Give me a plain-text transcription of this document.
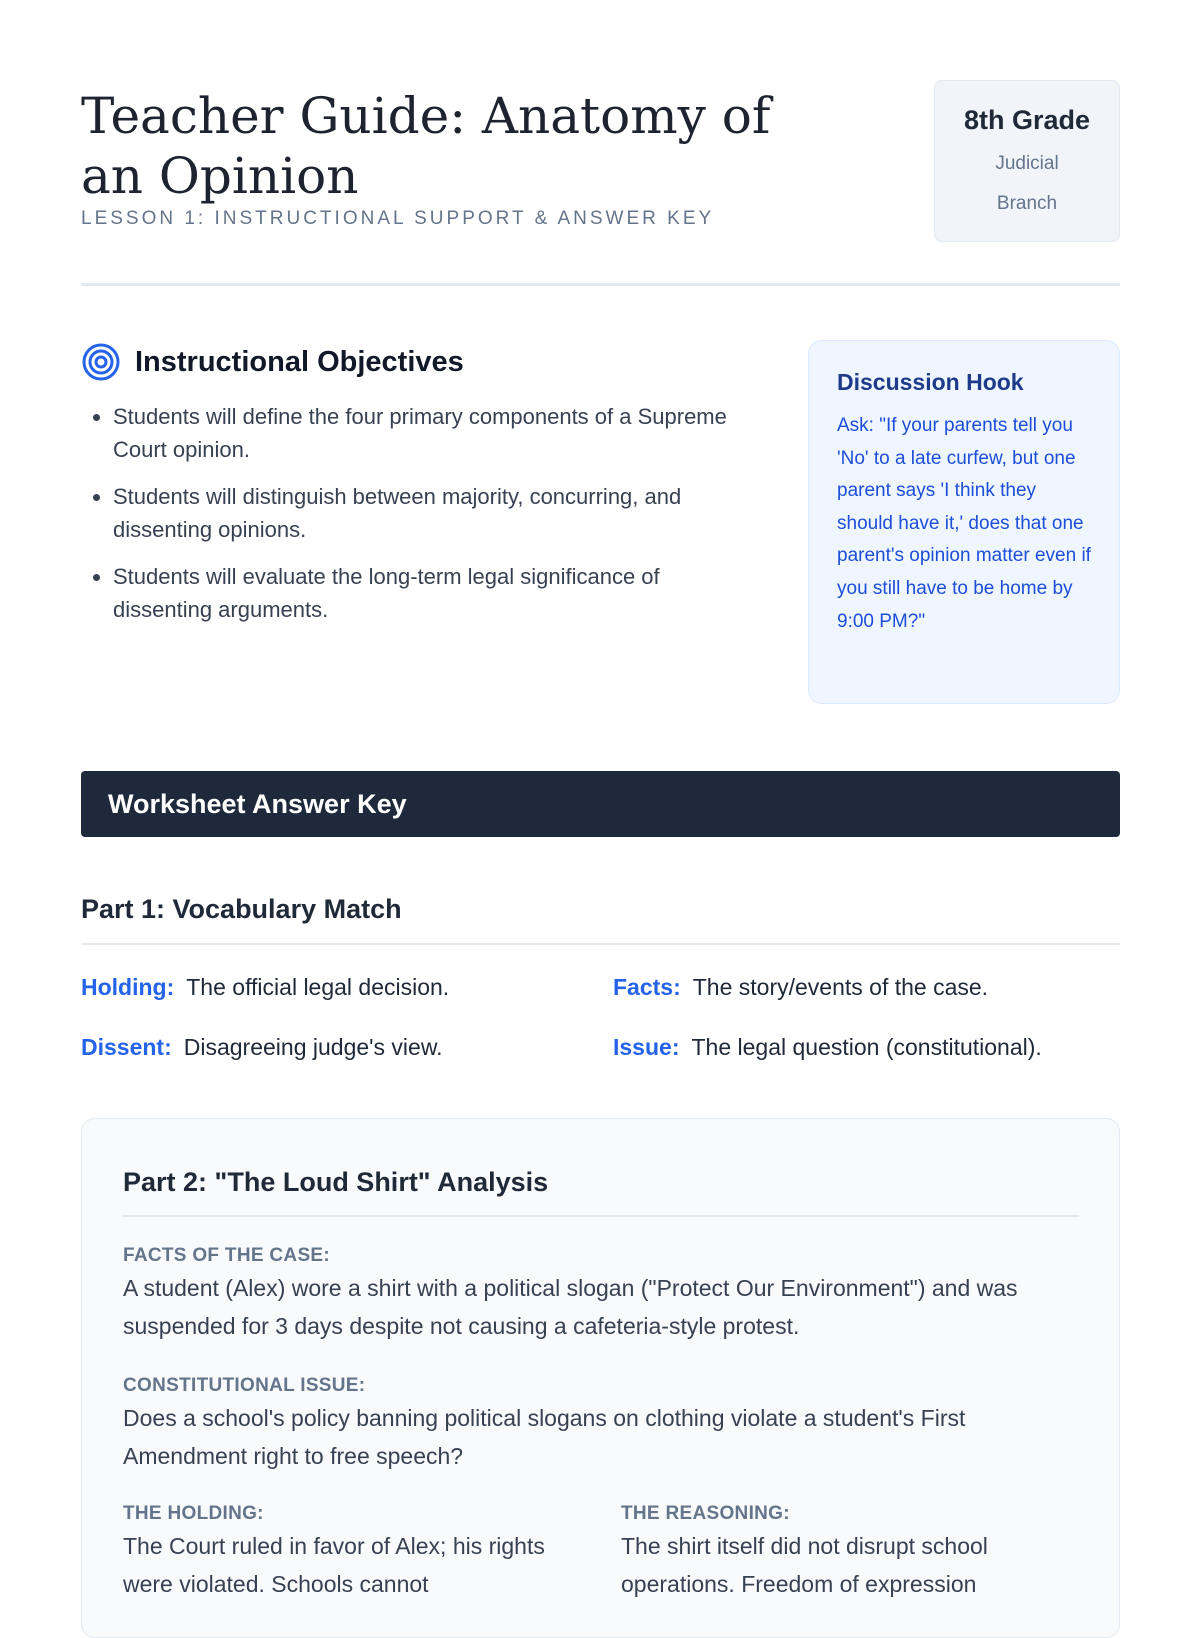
Teacher Guide: Anatomy of an Opinion
LESSON 1: INSTRUCTIONAL SUPPORT & ANSWER KEY
8th Grade
Judicial Branch
Instructional Objectives
• Students will define the four primary components of a Supreme Court opinion.
• Students will distinguish between majority, concurring, and dissenting opinions.
• Students will evaluate the long-term legal significance of dissenting arguments.
Discussion Hook
Ask: "If your parents tell you 'No' to a late curfew, but one parent says 'I think they should have it,' does that one parent's opinion matter even if you still have to be home by 9:00 PM?"
Worksheet Answer Key
Part 1: Vocabulary Match
Holding: The official legal decision.	Facts: The story/events of the case.
Dissent: Disagreeing judge's view.	Issue: The legal question (constitutional).
Part 2: "The Loud Shirt" Analysis
FACTS OF THE CASE:
A student (Alex) wore a shirt with a political slogan ("Protect Our Environment") and was suspended for 3 days despite not causing a cafeteria-style protest.
CONSTITUTIONAL ISSUE:
Does a school's policy banning political slogans on clothing violate a student's First Amendment right to free speech?
THE HOLDING:
The Court ruled in favor of Alex; his rights were violated. Schools cannot
THE REASONING:
The shirt itself did not disrupt school operations. Freedom of expression
